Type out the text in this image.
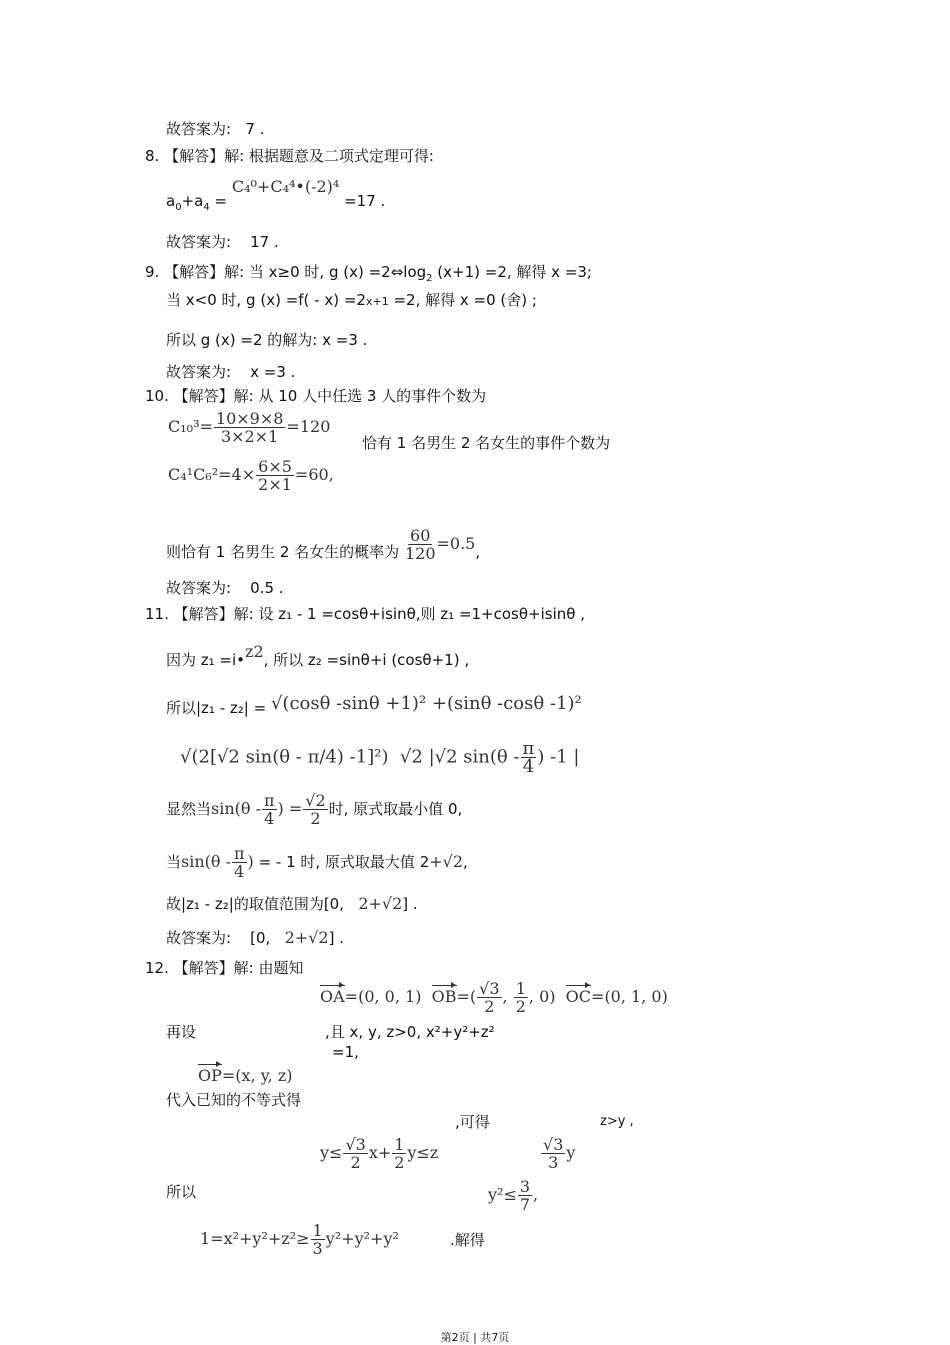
故答案为: 7 .
8. 【解答】解: 根据题意及二项式定理可得:
$a_0+a_4$ = C₄⁰+C₄⁴•(-2)⁴ =17 .
故答案为: 17 .
9. 【解答】解: 当 x≥0 时, g $(x) =2\Leftrightarrow\log_2$ (x+1) =2, 解得 x =3;
当 x<0 时, g (x) =f( - x) =2x+1 =2, 解得 x =0 (舍) ;
所以 g (x) =2 的解为: x =3 .
故答案为: x =3 .
10. 【解答】解: 从 10 人中任选 3 人的事件个数为
$C_{10}^3= \frac{10\times 9\times 8}{3\times 2\times 1} =120$
恰有 1 名男生 2 名女生的事件个数为
$C_4^1C_6^2=4\times \frac{6\times 5}{2\times 1} =60$,
则恰有 1 名男生 2 名女生的概率为 $\frac{60}{120} =0.5$,
故答案为: 0.5 .
11. 【解答】解: 设 z₁ - 1 =cosθ+isinθ,则 z₁ =1+cosθ+isinθ ,
因为 z₁ =i•z2, 所以 z₂ =sinθ+i (cosθ+1) ,
所以|z₁ - z₂| = √(cosθ -sinθ +1)² +(sinθ -cosθ -1)²
√(2[√2 sin(θ - π/4) -1]²) √2 |√2 $\sin(\theta - \frac{\pi}{4}$ ) -1 |
显然当$\sin(\theta - \frac{\pi}{4}$ ) = $\frac{√2}{2}$ 时, 原式取最小值 0,
当$\sin(\theta - \frac{\pi}{4}$ ) = - 1 时, 原式取最大值 2+√2,
故|z₁ - z₂|的取值范围为[0, 2+√2] .
故答案为: [0, 2+√2] .
12. 【解答】解: 由题知
OA=(0, 0, 1) $OB=( \frac{√3}{2}$ , $\frac{1}{2}$ , 0) OC=(0, 1, 0)
再设	,且 x, y, z>0, x²+y²+z²
=1,
OP=(x, y, z)
代入已知的不等式得
,可得	z>y ,
$y\le \frac{√3}{2} x+ \frac{1}{2} y\le z$	$\frac{√3}{3}$ y
所以	$y^2\le \frac{3}{7}$ ,
$1=x^2+y^2+z^2\ge \frac{1}{3} y^2+y^2+y^2$	.解得
第2页 | 共7页
